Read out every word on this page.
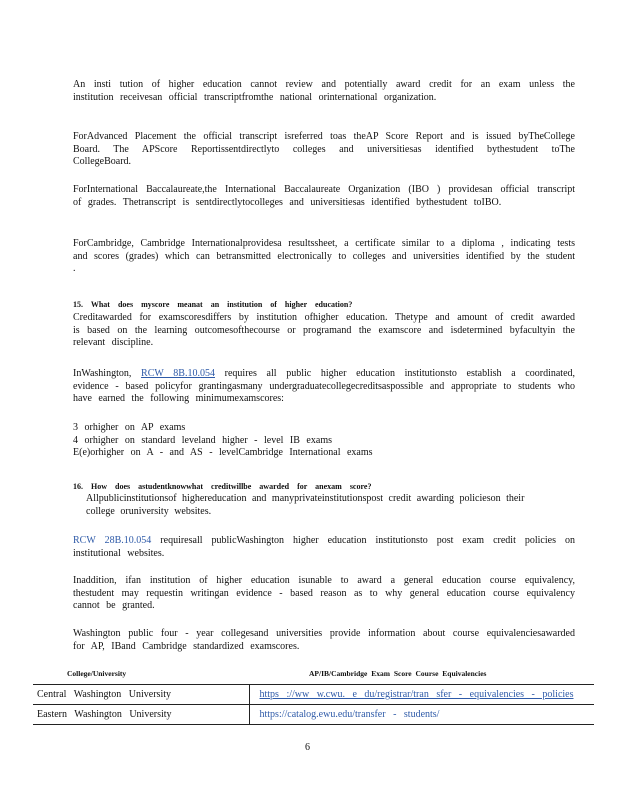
An insti tution of higher education cannot review and potentially award credit for an exam unless the institution receivesan official transcriptfromthe national orinternational organization.

ForAdvanced Placement the official transcript isreferred toas theAP Score Report and is issued byTheCollege Board. The APScore Reportissentdirectlyto colleges and universitiesas identified bythestudent toThe CollegeBoard.

ForInternational Baccalaureate,the International Baccalaureate Organization (IBO ) providesan official transcript of grades. Thetranscript is sentdirectlytocolleges and universitiesas identified bythestudent toIBO.

ForCambridge, Cambridge Internationalprovidesa resultssheet, a certificate similar to a diploma , indicating tests and scores (grades) which can betransmitted electronically to colleges and universities identified by the student .

15. What does myscore meanat an institution of higher education?

Creditawarded for examscoresdiffers by institution ofhigher education. Thetype and amount of credit awarded is based on the learning outcomesofthecourse or programand the examscore and isdetermined byfacultyin the relevant discipline.

InWashington, RCW 8B.10.054 requires all public higher education institutionsto establish a coordinated, evidence - based policyfor grantingasmany undergraduatecollegecreditsaspossible and appropriate to students who have earned the following minimumexamscores:

3 orhigher on AP exams
4 orhigher on standard leveland higher - level IB exams
E(e)orhigher on A - and AS - levelCambridge International exams
16. How does astudentknowwhat creditwillbe awarded for anexam score?
Allpublicinstitutionsof highereducation and manyprivateinstitutionspost credit awarding policieson their college oruniversity websites.

RCW 28B.10.054 requiresall publicWashington higher education institutionsto post exam credit policies on institutional websites.

Inaddition, ifan institution of higher education isunable to award a general education course equivalency, thestudent may requestin writingan evidence - based reason as to why general education course equivalency cannot be granted.

Washington public four - year collegesand universities provide information about course equivalenciesawarded for AP, IBand Cambridge standardized examscores.

College/University	AP/IB/Cambridge Exam Score Course Equivalencies
Central Washington University	https ://ww w.cwu. e du/registrar/tran sfer - equivalencies - policies
Eastern Washington University	https://catalog.ewu.edu/transfer - students/
6
